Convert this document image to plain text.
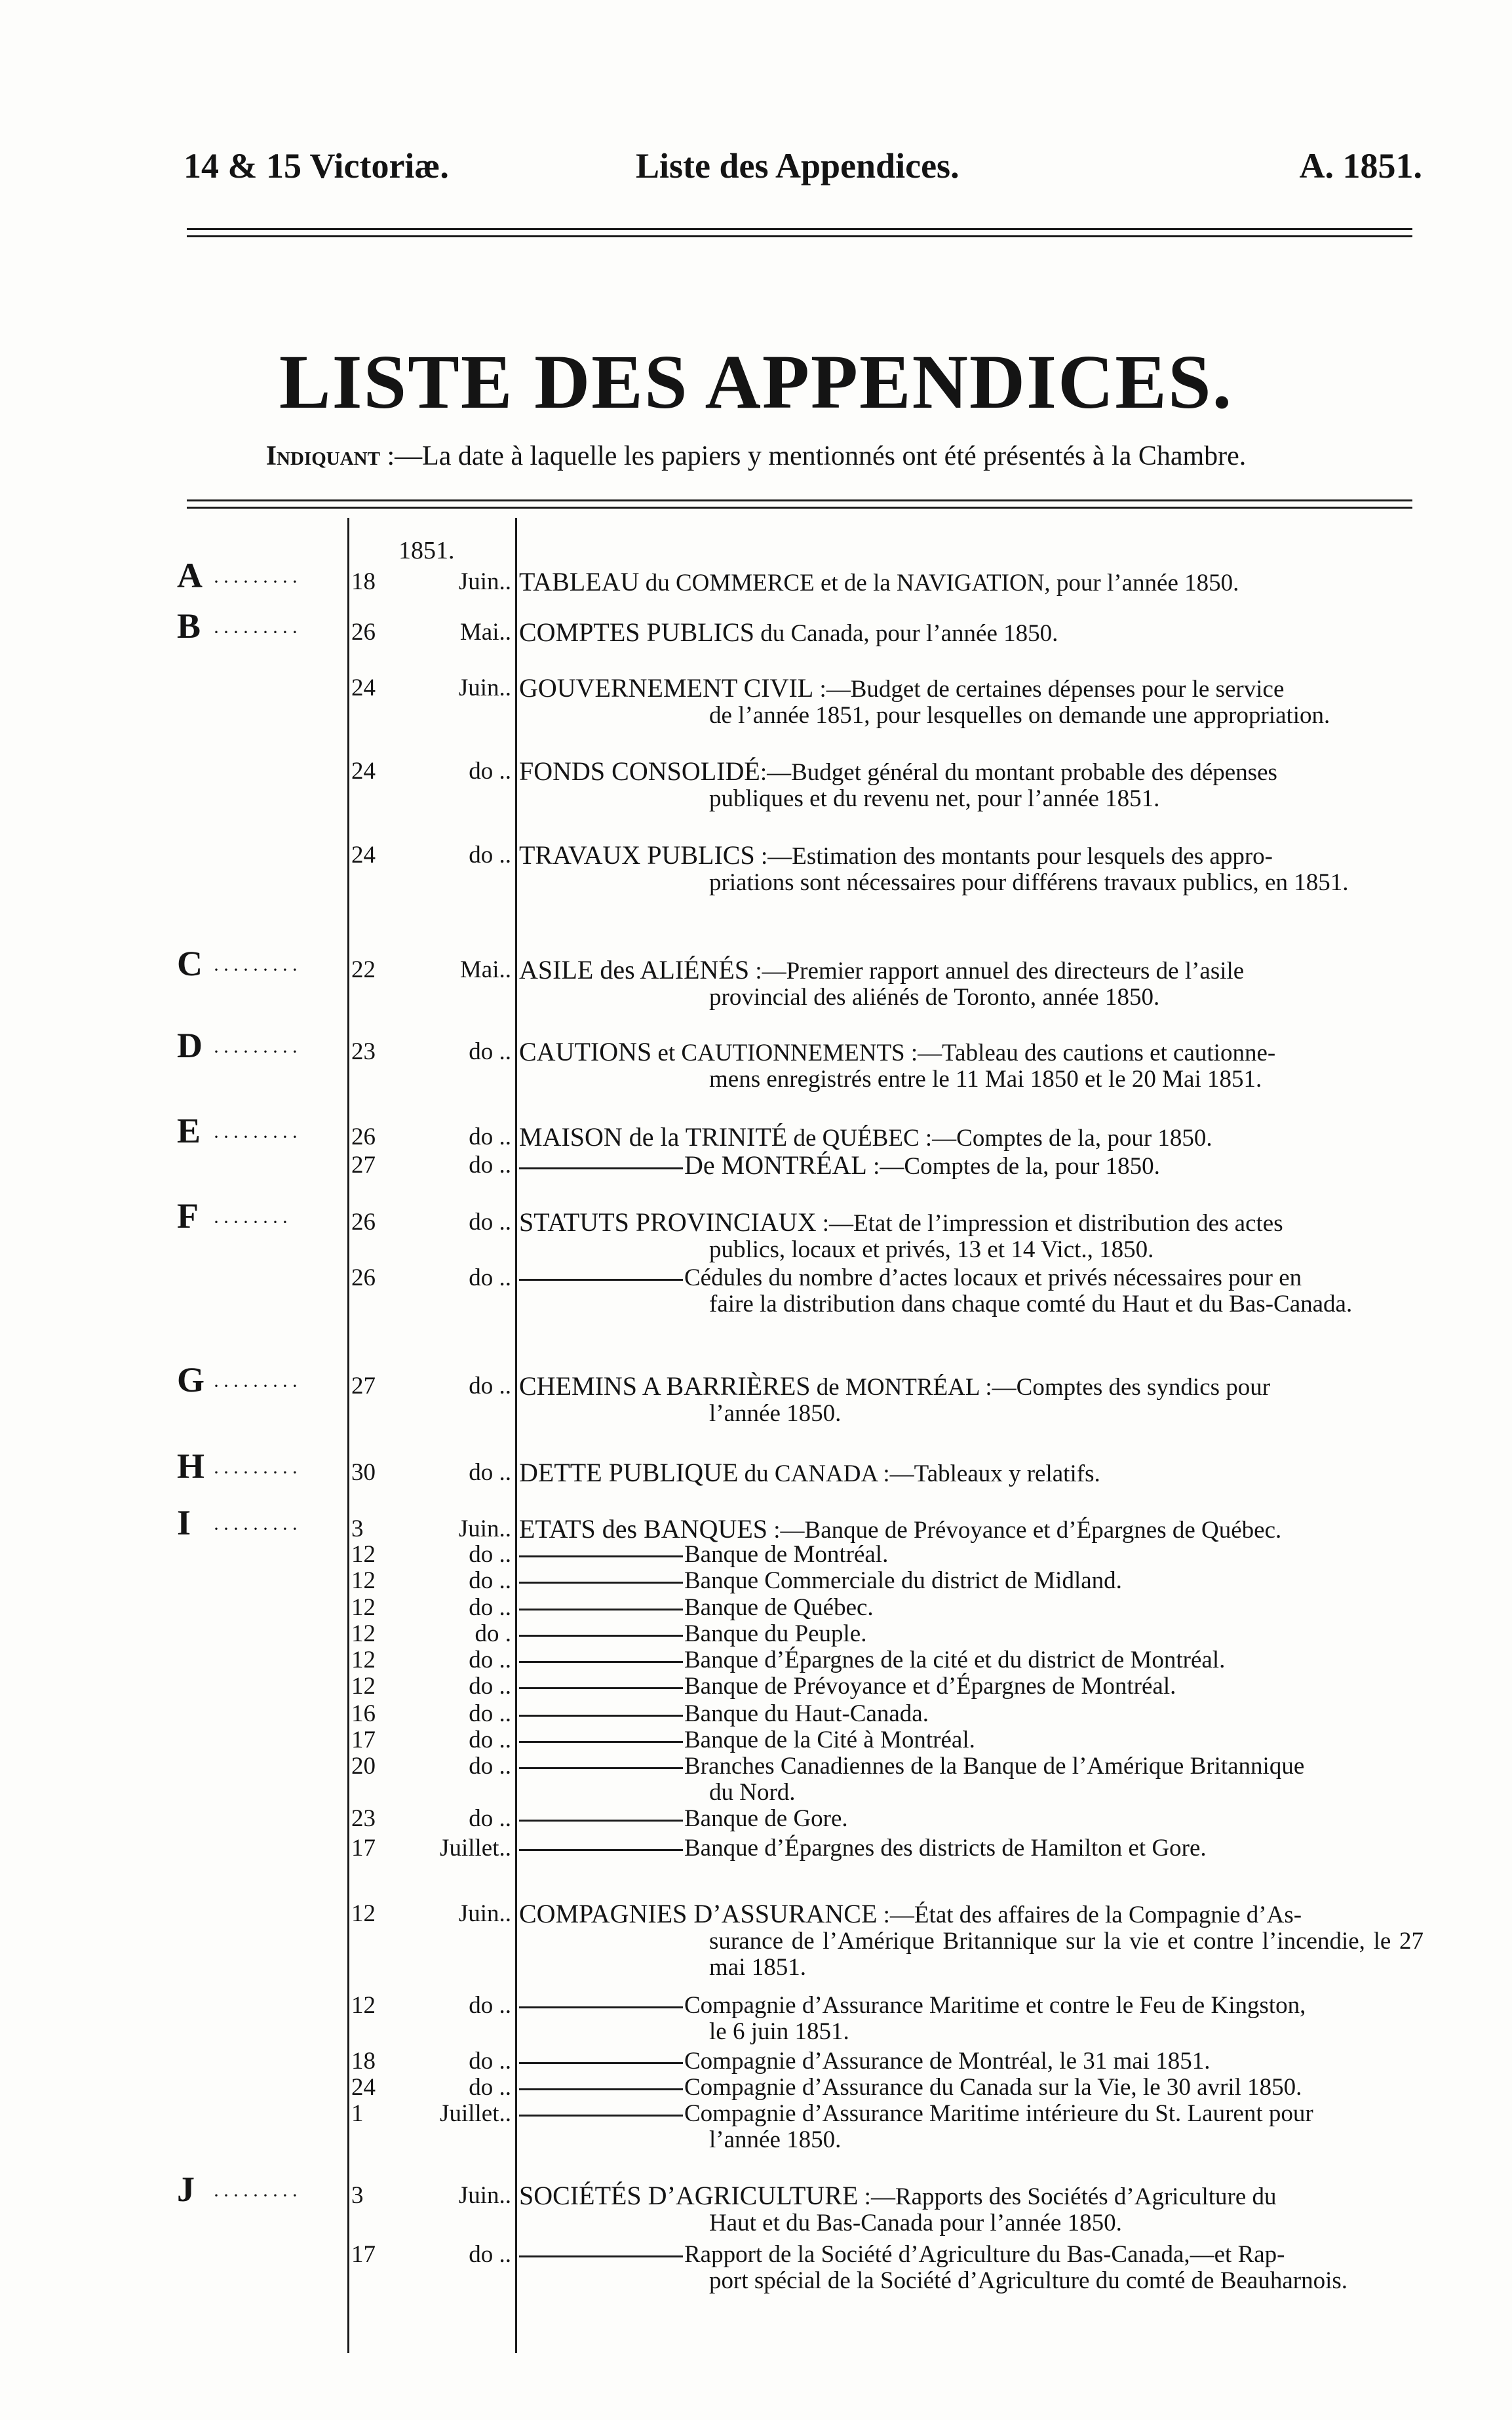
14 & 15 Victoriæ.	Liste des Appendices.	A. 1851.
LISTE DES APPENDICES.
Indiquant :—La date à laquelle les papiers y mentionnés ont été présentés à la Chambre.
1851.
A ·········	18	Juin.. TABLEAU du COMMERCE et de la NAVIGATION, pour l’année 1850.
B ·········	26	Mai.. COMPTES PUBLICS du Canada, pour l’année 1850.
24	Juin.. GOUVERNEMENT CIVIL :—Budget de certaines dépenses pour le service
de l’année 1851, pour lesquelles on demande une appropriation.
24	do .. FONDS CONSOLIDÉ:—Budget général du montant probable des dépenses
publiques et du revenu net, pour l’année 1851.
24	do .. TRAVAUX PUBLICS :—Estimation des montants pour lesquels des appro-
priations sont nécessaires pour différens travaux publics, en 1851.
C ·········	22	Mai.. ASILE des ALIÉNÉS :—Premier rapport annuel des directeurs de l’asile
provincial des aliénés de Toronto, année 1850.
D ·········	23	do .. CAUTIONS et CAUTIONNEMENTS :—Tableau des cautions et cautionne-
mens enregistrés entre le 11 Mai 1850 et le 20 Mai 1851.
E ·········	26	do .. MAISON de la TRINITÉ de QUÉBEC :—Comptes de la, pour 1850.
27	do ..	De MONTRÉAL :—Comptes de la, pour 1850.
F ········	26	do .. STATUTS PROVINCIAUX :—Etat de l’impression et distribution des actes
publics, locaux et privés, 13 et 14 Vict., 1850.
26	do ..	Cédules du nombre d’actes locaux et privés nécessaires pour en
faire la distribution dans chaque comté du Haut et du Bas-Canada.
G ·········	27	do .. CHEMINS A BARRIÈRES de MONTRÉAL :—Comptes des syndics pour
l’année 1850.
H ·········	30	do .. DETTE PUBLIQUE du CANADA :—Tableaux y relatifs.
I ·········	3	Juin.. ETATS des BANQUES :—Banque de Prévoyance et d’Épargnes de Québec.
12	do ..	Banque de Montréal.
12	do ..	Banque Commerciale du district de Midland.
12	do ..	Banque de Québec.
12	do .	Banque du Peuple.
12	do ..	Banque d’Épargnes de la cité et du district de Montréal.
12	do ..	Banque de Prévoyance et d’Épargnes de Montréal.
16	do ..	Banque du Haut-Canada.
17	do ..	Banque de la Cité à Montréal.
20	do ..	Branches Canadiennes de la Banque de l’Amérique Britannique
du Nord.
23	do ..	Banque de Gore.
17	Juillet..	Banque d’Épargnes des districts de Hamilton et Gore.
12	Juin.. COMPAGNIES D’ASSURANCE :—État des affaires de la Compagnie d’As-
surance de l’Amérique Britannique sur la vie et contre l’incendie, le 27 mai 1851.
12	do ..	Compagnie d’Assurance Maritime et contre le Feu de Kingston,
le 6 juin 1851.
18	do ..	Compagnie d’Assurance de Montréal, le 31 mai 1851.
24	do ..	Compagnie d’Assurance du Canada sur la Vie, le 30 avril 1850.
1	Juillet..	Compagnie d’Assurance Maritime intérieure du St. Laurent pour
l’année 1850.
J ·········	3	Juin.. SOCIÉTÉS D’AGRICULTURE :—Rapports des Sociétés d’Agriculture du
Haut et du Bas-Canada pour l’année 1850.
17	do ..	Rapport de la Société d’Agriculture du Bas-Canada,—et Rap-
port spécial de la Société d’Agriculture du comté de Beauharnois.
